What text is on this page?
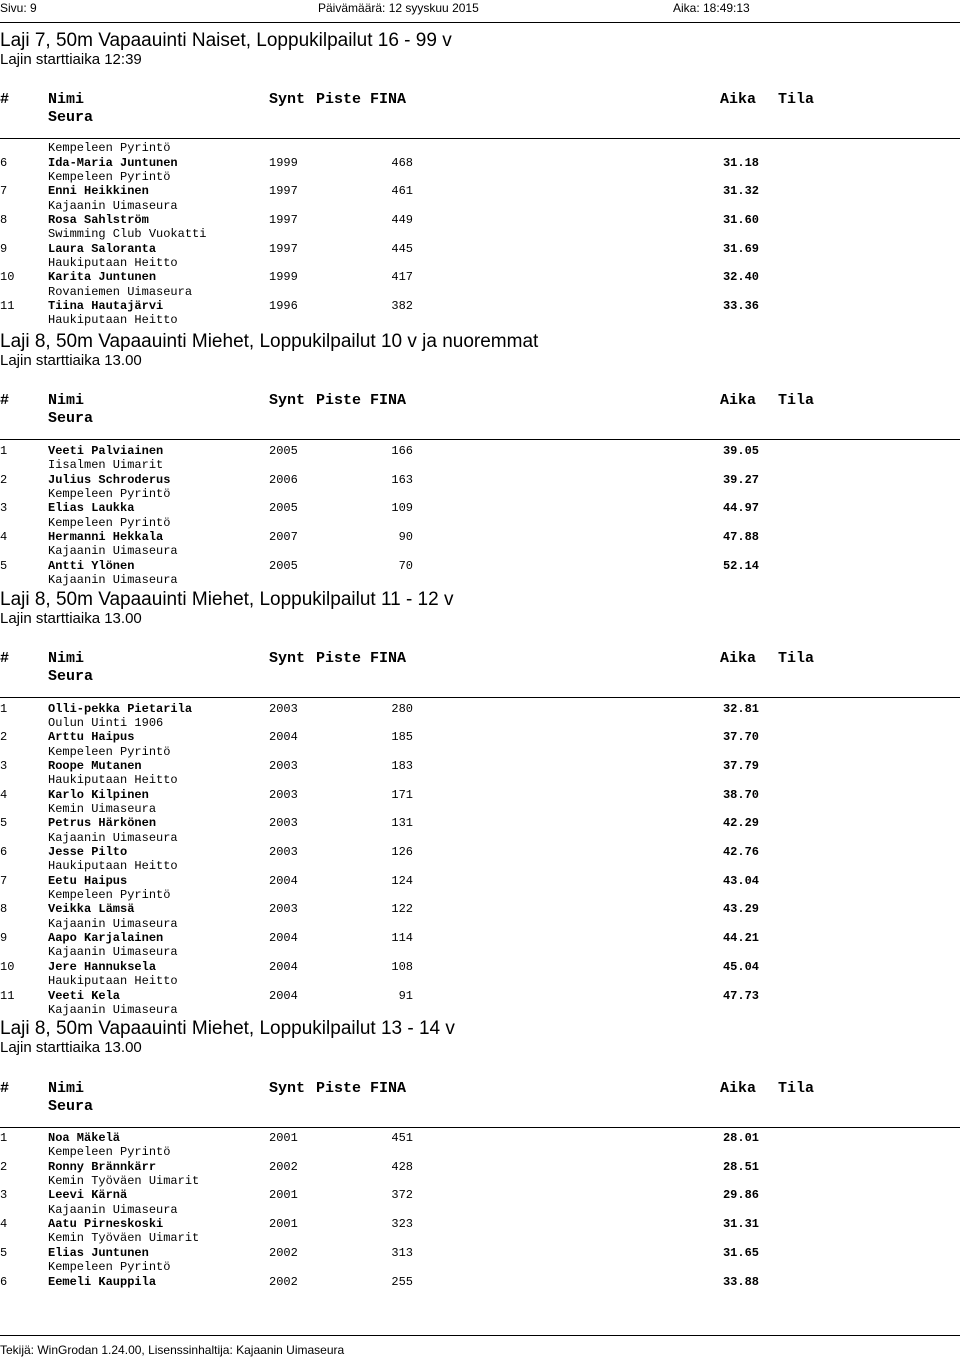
Sivu: 9	Päivämäärä: 12 syyskuu 2015	Aika: 18:49:13
Laji 7, 50m Vapaauinti Naiset, Loppukilpailut 16 - 99 v
Lajin starttiaika 12:39
#	Nimi	Synt Piste FINA	Aika Tila
Seura
Kempeleen Pyrintö
6	Ida-Maria Juntunen	1999	468	31.18
Kempeleen Pyrintö
7	Enni Heikkinen	1997	461	31.32
Kajaanin Uimaseura
8	Rosa Sahlström	1997	449	31.60
Swimming Club Vuokatti
9	Laura Saloranta	1997	445	31.69
Haukiputaan Heitto
10	Karita Juntunen	1999	417	32.40
Rovaniemen Uimaseura
11	Tiina Hautajärvi	1996	382	33.36
Haukiputaan Heitto
Laji 8, 50m Vapaauinti Miehet, Loppukilpailut 10 v ja nuoremmat
Lajin starttiaika 13.00
#	Nimi	Synt Piste FINA	Aika Tila
Seura
1	Veeti Palviainen	2005	166	39.05
Iisalmen Uimarit
2	Julius Schroderus	2006	163	39.27
Kempeleen Pyrintö
3	Elias Laukka	2005	109	44.97
Kempeleen Pyrintö
4	Hermanni Hekkala	2007	90	47.88
Kajaanin Uimaseura
5	Antti Ylönen	2005	70	52.14
Kajaanin Uimaseura
Laji 8, 50m Vapaauinti Miehet, Loppukilpailut 11 - 12 v
Lajin starttiaika 13.00
#	Nimi	Synt Piste FINA	Aika Tila
Seura
1	Olli-pekka Pietarila	2003	280	32.81
Oulun Uinti 1906
2	Arttu Haipus	2004	185	37.70
Kempeleen Pyrintö
3	Roope Mutanen	2003	183	37.79
Haukiputaan Heitto
4	Karlo Kilpinen	2003	171	38.70
Kemin Uimaseura
5	Petrus Härkönen	2003	131	42.29
Kajaanin Uimaseura
6	Jesse Pilto	2003	126	42.76
Haukiputaan Heitto
7	Eetu Haipus	2004	124	43.04
Kempeleen Pyrintö
8	Veikka Lämsä	2003	122	43.29
Kajaanin Uimaseura
9	Aapo Karjalainen	2004	114	44.21
Kajaanin Uimaseura
10	Jere Hannuksela	2004	108	45.04
Haukiputaan Heitto
11	Veeti Kela	2004	91	47.73
Kajaanin Uimaseura
Laji 8, 50m Vapaauinti Miehet, Loppukilpailut 13 - 14 v
Lajin starttiaika 13.00
#	Nimi	Synt Piste FINA	Aika Tila
Seura
1	Noa Mäkelä	2001	451	28.01
Kempeleen Pyrintö
2	Ronny Brännkärr	2002	428	28.51
Kemin Työväen Uimarit
3	Leevi Kärnä	2001	372	29.86
Kajaanin Uimaseura
4	Aatu Pirneskoski	2001	323	31.31
Kemin Työväen Uimarit
5	Elias Juntunen	2002	313	31.65
Kempeleen Pyrintö
6	Eemeli Kauppila	2002	255	33.88
Tekijä: WinGrodan 1.24.00, Lisenssinhaltija: Kajaanin Uimaseura
